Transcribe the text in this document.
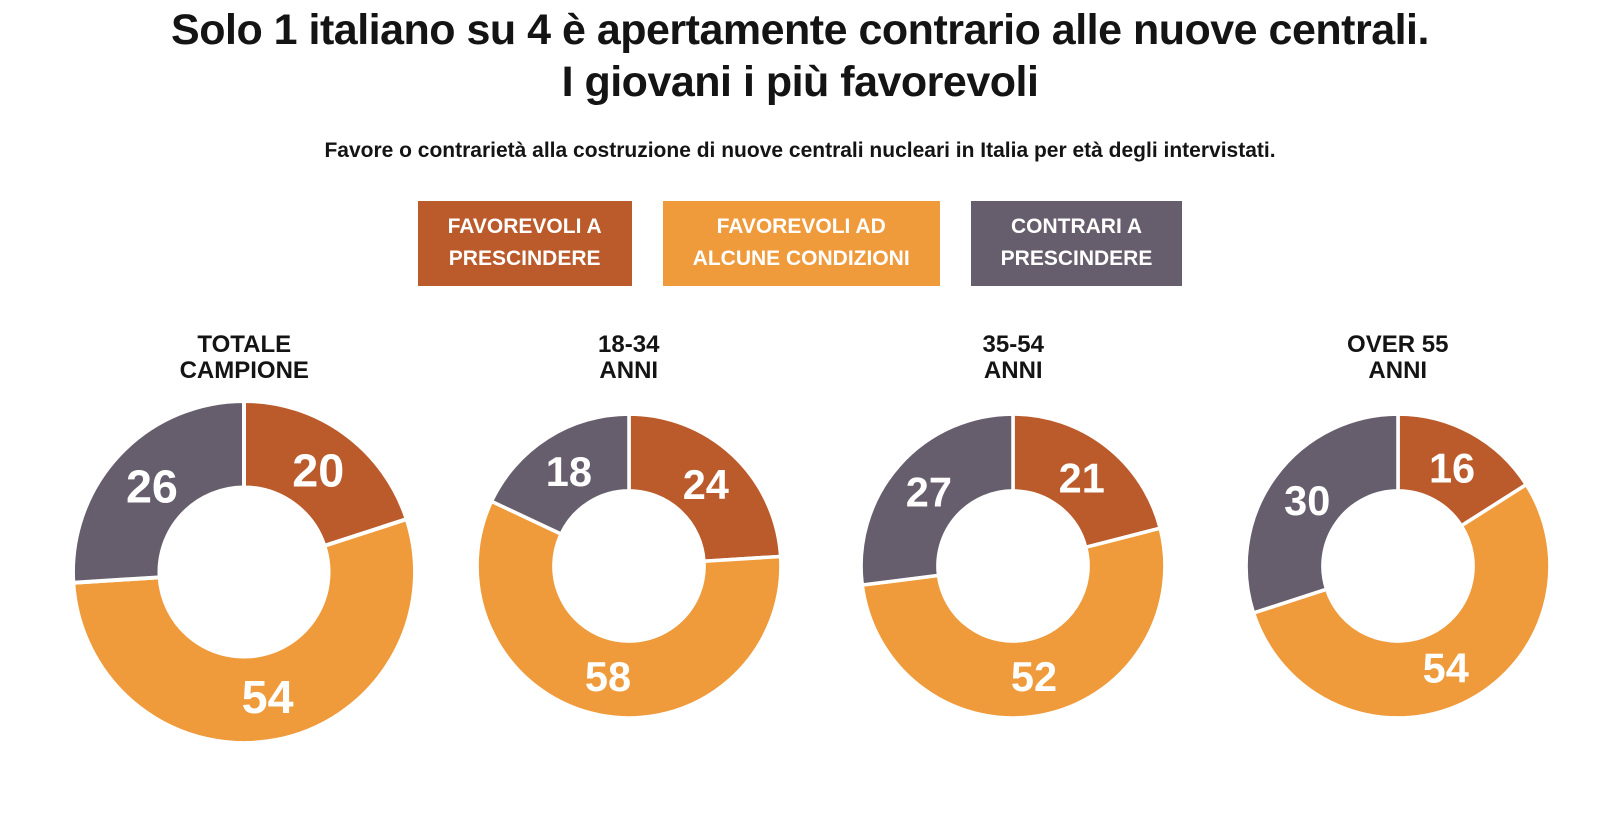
Solo 1 italiano su 4 è apertamente contrario alle nuove centrali.
I giovani i più favorevoli
Favore o contrarietà alla costruzione di nuove centrali nucleari in Italia per età degli intervistati.
FAVOREVOLI A
PRESCINDERE
FAVOREVOLI AD
ALCUNE CONDIZIONI
CONTRARI A
PRESCINDERE
TOTALE
CAMPIONE
20
54
26
18-34
ANNI
24
58
18
35-54
ANNI
21
52
27
OVER 55
ANNI
16
54
30
